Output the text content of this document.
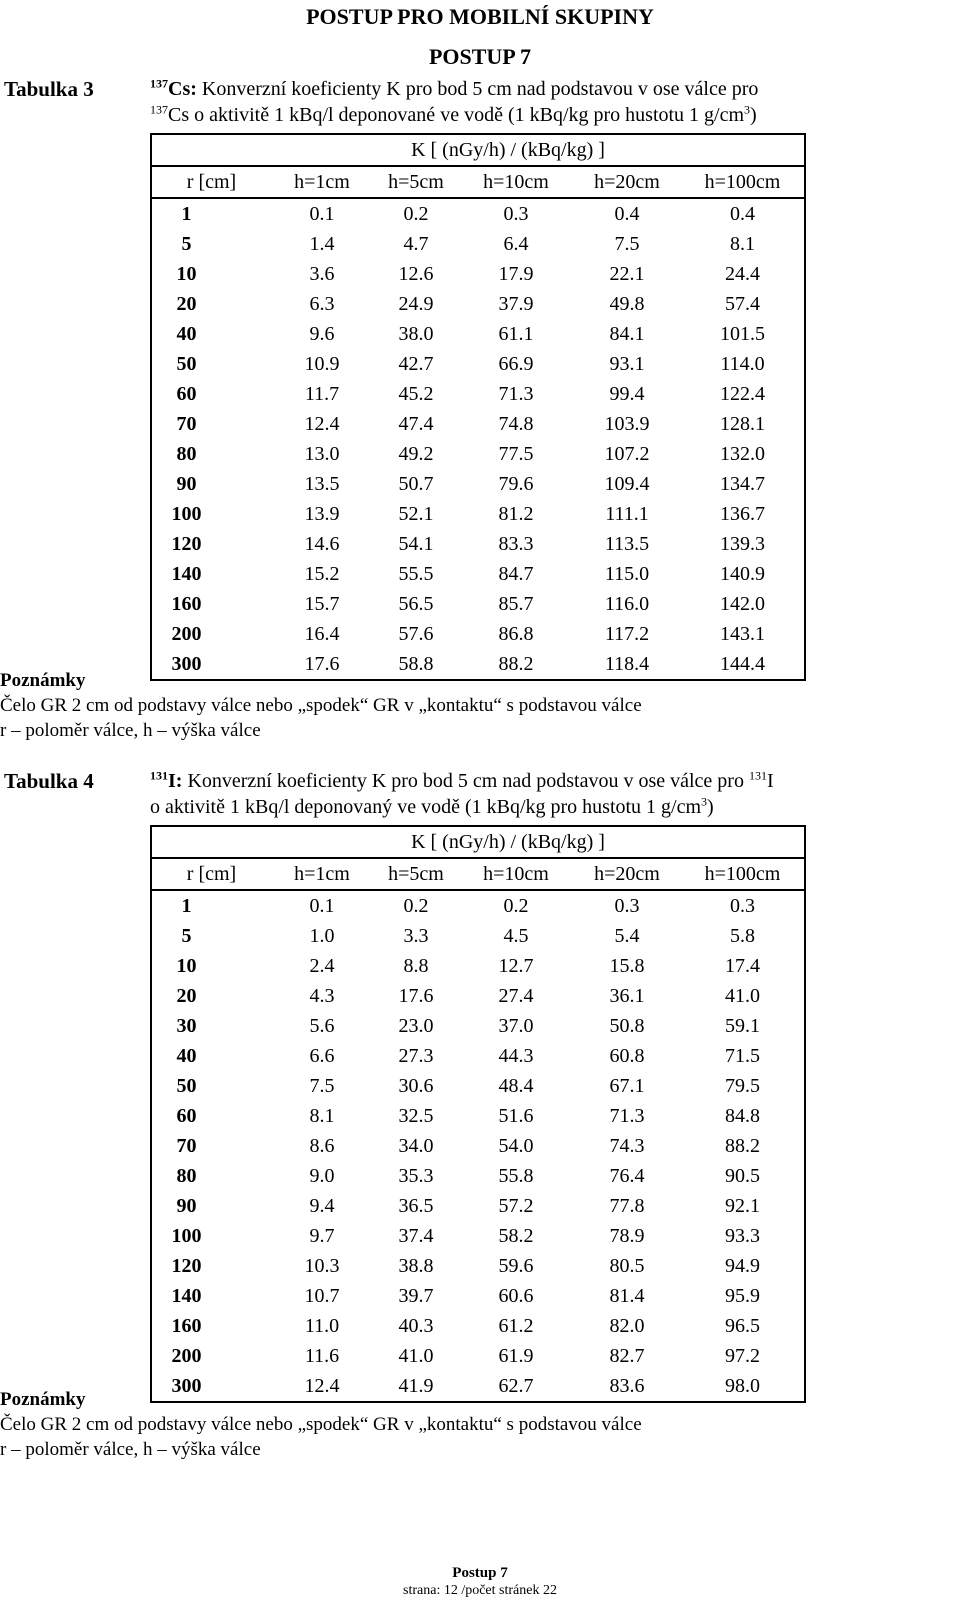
POSTUP PRO MOBILNÍ SKUPINY
POSTUP 7
Tabulka 3	$^{137}$Cs: Konverzní koeficienty K pro bod 5 cm nad podstavou v ose válce pro
$^{137}$Cs o aktivitě 1 kBq/l deponované ve vodě (1 kBq/kg pro hustotu 1 $g/cm^3$)
K [ (nGy/h) / (kBq/kg) ]					
r [cm]	h=1cm	h=5cm	h=10cm	h=20cm	h=100cm
1	0.1	0.2	0.3	0.4	0.4
5	1.4	4.7	6.4	7.5	8.1
10	3.6	12.6	17.9	22.1	24.4
20	6.3	24.9	37.9	49.8	57.4
40	9.6	38.0	61.1	84.1	101.5
50	10.9	42.7	66.9	93.1	114.0
60	11.7	45.2	71.3	99.4	122.4
70	12.4	47.4	74.8	103.9	128.1
80	13.0	49.2	77.5	107.2	132.0
90	13.5	50.7	79.6	109.4	134.7
100	13.9	52.1	81.2	111.1	136.7
120	14.6	54.1	83.3	113.5	139.3
140	15.2	55.5	84.7	115.0	140.9
160	15.7	56.5	85.7	116.0	142.0
200	16.4	57.6	86.8	117.2	143.1
300	17.6	58.8	88.2	118.4	144.4
Poznámky
Čelo GR 2 cm od podstavy válce nebo „spodek“ GR v „kontaktu“ s podstavou válce
r – poloměr válce, h – výška válce
Tabulka 4	$^{131}$I: Konverzní koeficienty K pro bod 5 cm nad podstavou v ose válce pro $^{131}$I
o aktivitě 1 kBq/l deponovaný ve vodě (1 kBq/kg pro hustotu 1 $g/cm^3$)
K [ (nGy/h) / (kBq/kg) ]					
r [cm]	h=1cm	h=5cm	h=10cm	h=20cm	h=100cm
1	0.1	0.2	0.2	0.3	0.3
5	1.0	3.3	4.5	5.4	5.8
10	2.4	8.8	12.7	15.8	17.4
20	4.3	17.6	27.4	36.1	41.0
30	5.6	23.0	37.0	50.8	59.1
40	6.6	27.3	44.3	60.8	71.5
50	7.5	30.6	48.4	67.1	79.5
60	8.1	32.5	51.6	71.3	84.8
70	8.6	34.0	54.0	74.3	88.2
80	9.0	35.3	55.8	76.4	90.5
90	9.4	36.5	57.2	77.8	92.1
100	9.7	37.4	58.2	78.9	93.3
120	10.3	38.8	59.6	80.5	94.9
140	10.7	39.7	60.6	81.4	95.9
160	11.0	40.3	61.2	82.0	96.5
200	11.6	41.0	61.9	82.7	97.2
300	12.4	41.9	62.7	83.6	98.0
Poznámky
Čelo GR 2 cm od podstavy válce nebo „spodek“ GR v „kontaktu“ s podstavou válce
r – poloměr válce, h – výška válce
Postup 7
strana: 12 /počet stránek 22
